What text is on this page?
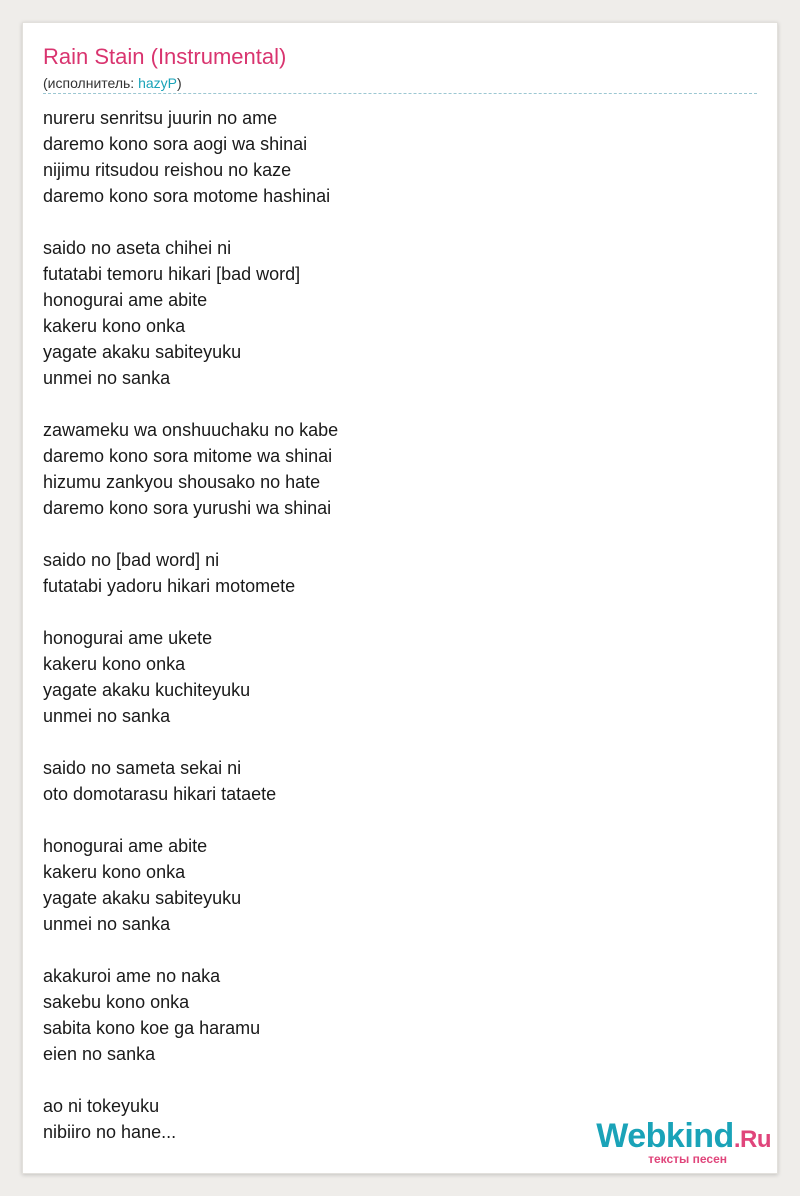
Rain Stain (Instrumental)
(исполнитель: hazyP)
nureru senritsu juurin no ame
daremo kono sora aogi wa shinai
nijimu ritsudou reishou no kaze
daremo kono sora motome hashinai
saido no aseta chihei ni
futatabi temoru hikari [bad word]
honogurai ame abite
kakeru kono onka
yagate akaku sabiteyuku
unmei no sanka
zawameku wa onshuuchaku no kabe
daremo kono sora mitome wa shinai
hizumu zankyou shousako no hate
daremo kono sora yurushi wa shinai
saido no [bad word] ni
futatabi yadoru hikari motomete
honogurai ame ukete
kakeru kono onka
yagate akaku kuchiteyuku
unmei no sanka
saido no sameta sekai ni
oto domotarasu hikari tataete
honogurai ame abite
kakeru kono onka
yagate akaku sabiteyuku
unmei no sanka
akakuroi ame no naka
sakebu kono onka
sabita kono koe ga haramu
eien no sanka
ao ni tokeyuku
nibiiro no hane...	Webkind.Ru
тексты песен
